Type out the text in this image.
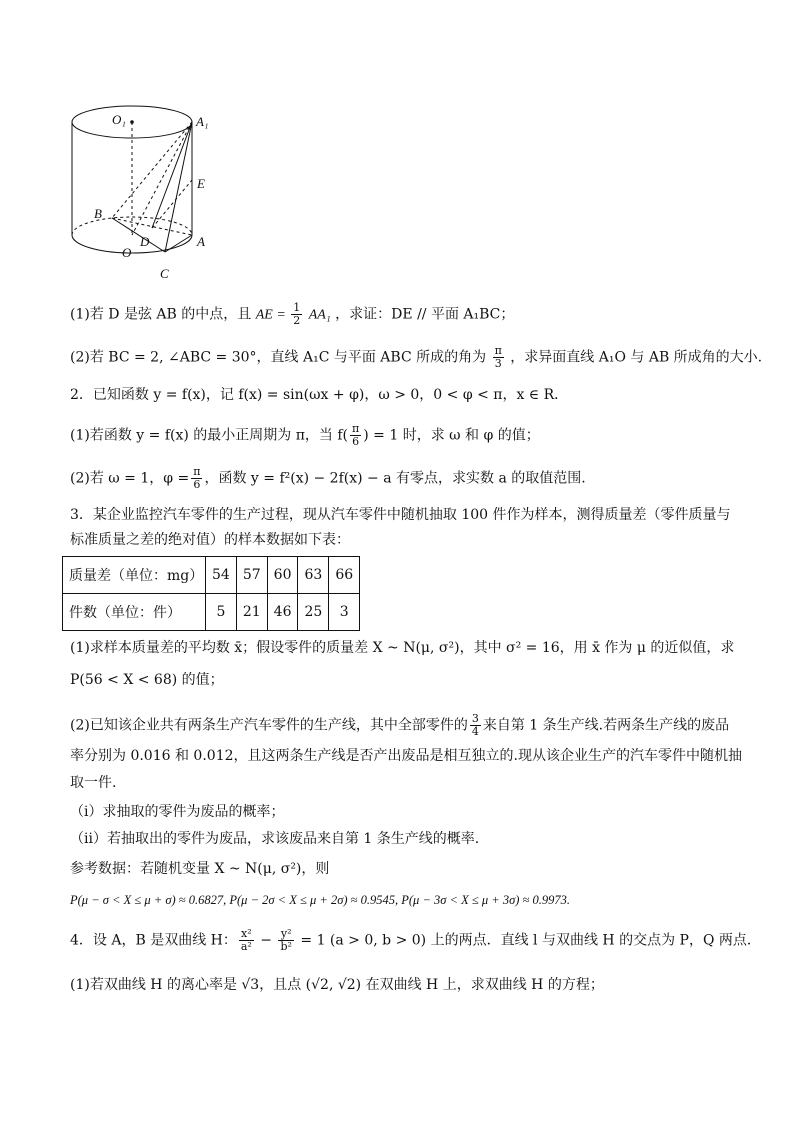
O₁	A₁
E
B
D
O
A
C
(1)若 D 是弦 AB 的中点，且 AE = $\frac{1}{2} AA_1$ ，求证：DE // 平面 A₁BC；
(2)若 BC = 2, ∠ABC = 30°，直线 A₁C 与平面 ABC 所成的角为 $\frac{\pi}{3}$ ，求异面直线 A₁O 与 AB 所成角的大小.
2．已知函数 y = f(x)，记 f(x) = sin(ωx + φ)，ω > 0，0 < φ < π，x ∈ R．
(1)若函数 y = f(x) 的最小正周期为 π，当 $f( \frac{\pi}{6}$ ) = 1 时，求 ω 和 φ 的值；
(2)若 ω = 1，$\varphi = \frac{\pi}{6}$ ，函数 y = f²(x) − 2f(x) − a 有零点，求实数 a 的取值范围.
3．某企业监控汽车零件的生产过程，现从汽车零件中随机抽取 100 件作为样本，测得质量差（零件质量与
标准质量之差的绝对值）的样本数据如下表：
质量差（单位：mg）	54	57	60	63	66
件数（单位：件）	5	21	46	25	3
(1)求样本质量差的平均数 x̄；假设零件的质量差 X ~ N(μ, σ²)，其中 σ² = 16，用 x̄ 作为 μ 的近似值，求
P(56 < X < 68) 的值；
(2)已知该企业共有两条生产汽车零件的生产线，其中全部零件的 $\frac{3}{4}$ 来自第 1 条生产线.若两条生产线的废品
率分别为 0.016 和 0.012，且这两条生产线是否产出废品是相互独立的.现从该企业生产的汽车零件中随机抽
取一件.
（i）求抽取的零件为废品的概率；
（ii）若抽取出的零件为废品，求该废品来自第 1 条生产线的概率.
参考数据：若随机变量 X ~ N(μ, σ²)，则
P(μ − σ < X ≤ μ + σ) ≈ 0.6827, P(μ − 2σ < X ≤ μ + 2σ) ≈ 0.9545, P(μ − 3σ < X ≤ μ + 3σ) ≈ 0.9973.
4．设 A，B 是双曲线 H： $\frac{\text{x²}}{\text{a²}} - \frac{\text{y²}}{\text{b²}} = 1$ (a > 0, b > 0) 上的两点．直线 l 与双曲线 H 的交点为 P，Q 两点．
(1)若双曲线 H 的离心率是 √3，且点 (√2, √2) 在双曲线 H 上，求双曲线 H 的方程；
